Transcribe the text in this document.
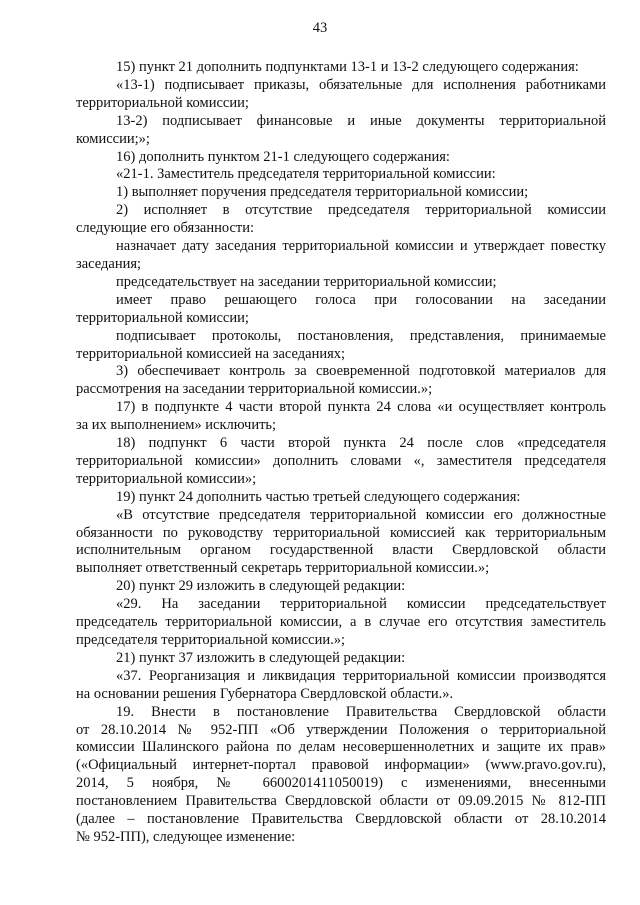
43
15) пункт 21 дополнить подпунктами 13-1 и 13-2 следующего содержания:
«13-1) подписывает приказы, обязательные для исполнения работниками
территориальной комиссии;
13-2) подписывает финансовые и иные документы территориальной
комиссии;»;
16) дополнить пунктом 21-1 следующего содержания:
«21-1. Заместитель председателя территориальной комиссии:
1) выполняет поручения председателя территориальной комиссии;
2) исполняет в отсутствие председателя территориальной комиссии
следующие его обязанности:
назначает дату заседания территориальной комиссии и утверждает повестку
заседания;
председательствует на заседании территориальной комиссии;
имеет право решающего голоса при голосовании на заседании
территориальной комиссии;
подписывает протоколы, постановления, представления, принимаемые
территориальной комиссией на заседаниях;
3) обеспечивает контроль за своевременной подготовкой материалов для
рассмотрения на заседании территориальной комиссии.»;
17) в подпункте 4 части второй пункта 24 слова «и осуществляет контроль
за их выполнением» исключить;
18) подпункт 6 части второй пункта 24 после слов «председателя
территориальной комиссии» дополнить словами «, заместителя председателя
территориальной комиссии»;
19) пункт 24 дополнить частью третьей следующего содержания:
«В отсутствие председателя территориальной комиссии его должностные
обязанности по руководству территориальной комиссией как территориальным
исполнительным органом государственной власти Свердловской области
выполняет ответственный секретарь территориальной комиссии.»;
20) пункт 29 изложить в следующей редакции:
«29. На заседании территориальной комиссии председательствует
председатель территориальной комиссии, а в случае его отсутствия заместитель
председателя территориальной комиссии.»;
21) пункт 37 изложить в следующей редакции:
«37. Реорганизация и ликвидация территориальной комиссии производятся
на основании решения Губернатора Свердловской области.».
19. Внести в постановление Правительства Свердловской области
от 28.10.2014 № 952-ПП «Об утверждении Положения о территориальной
комиссии Шалинского района по делам несовершеннолетних и защите их прав»
(«Официальный интернет-портал правовой информации» (www.pravo.gov.ru),
2014, 5 ноября, № 6600201411050019) с изменениями, внесенными
постановлением Правительства Свердловской области от 09.09.2015 № 812-ПП
(далее – постановление Правительства Свердловской области от 28.10.2014
№ 952-ПП), следующее изменение:
